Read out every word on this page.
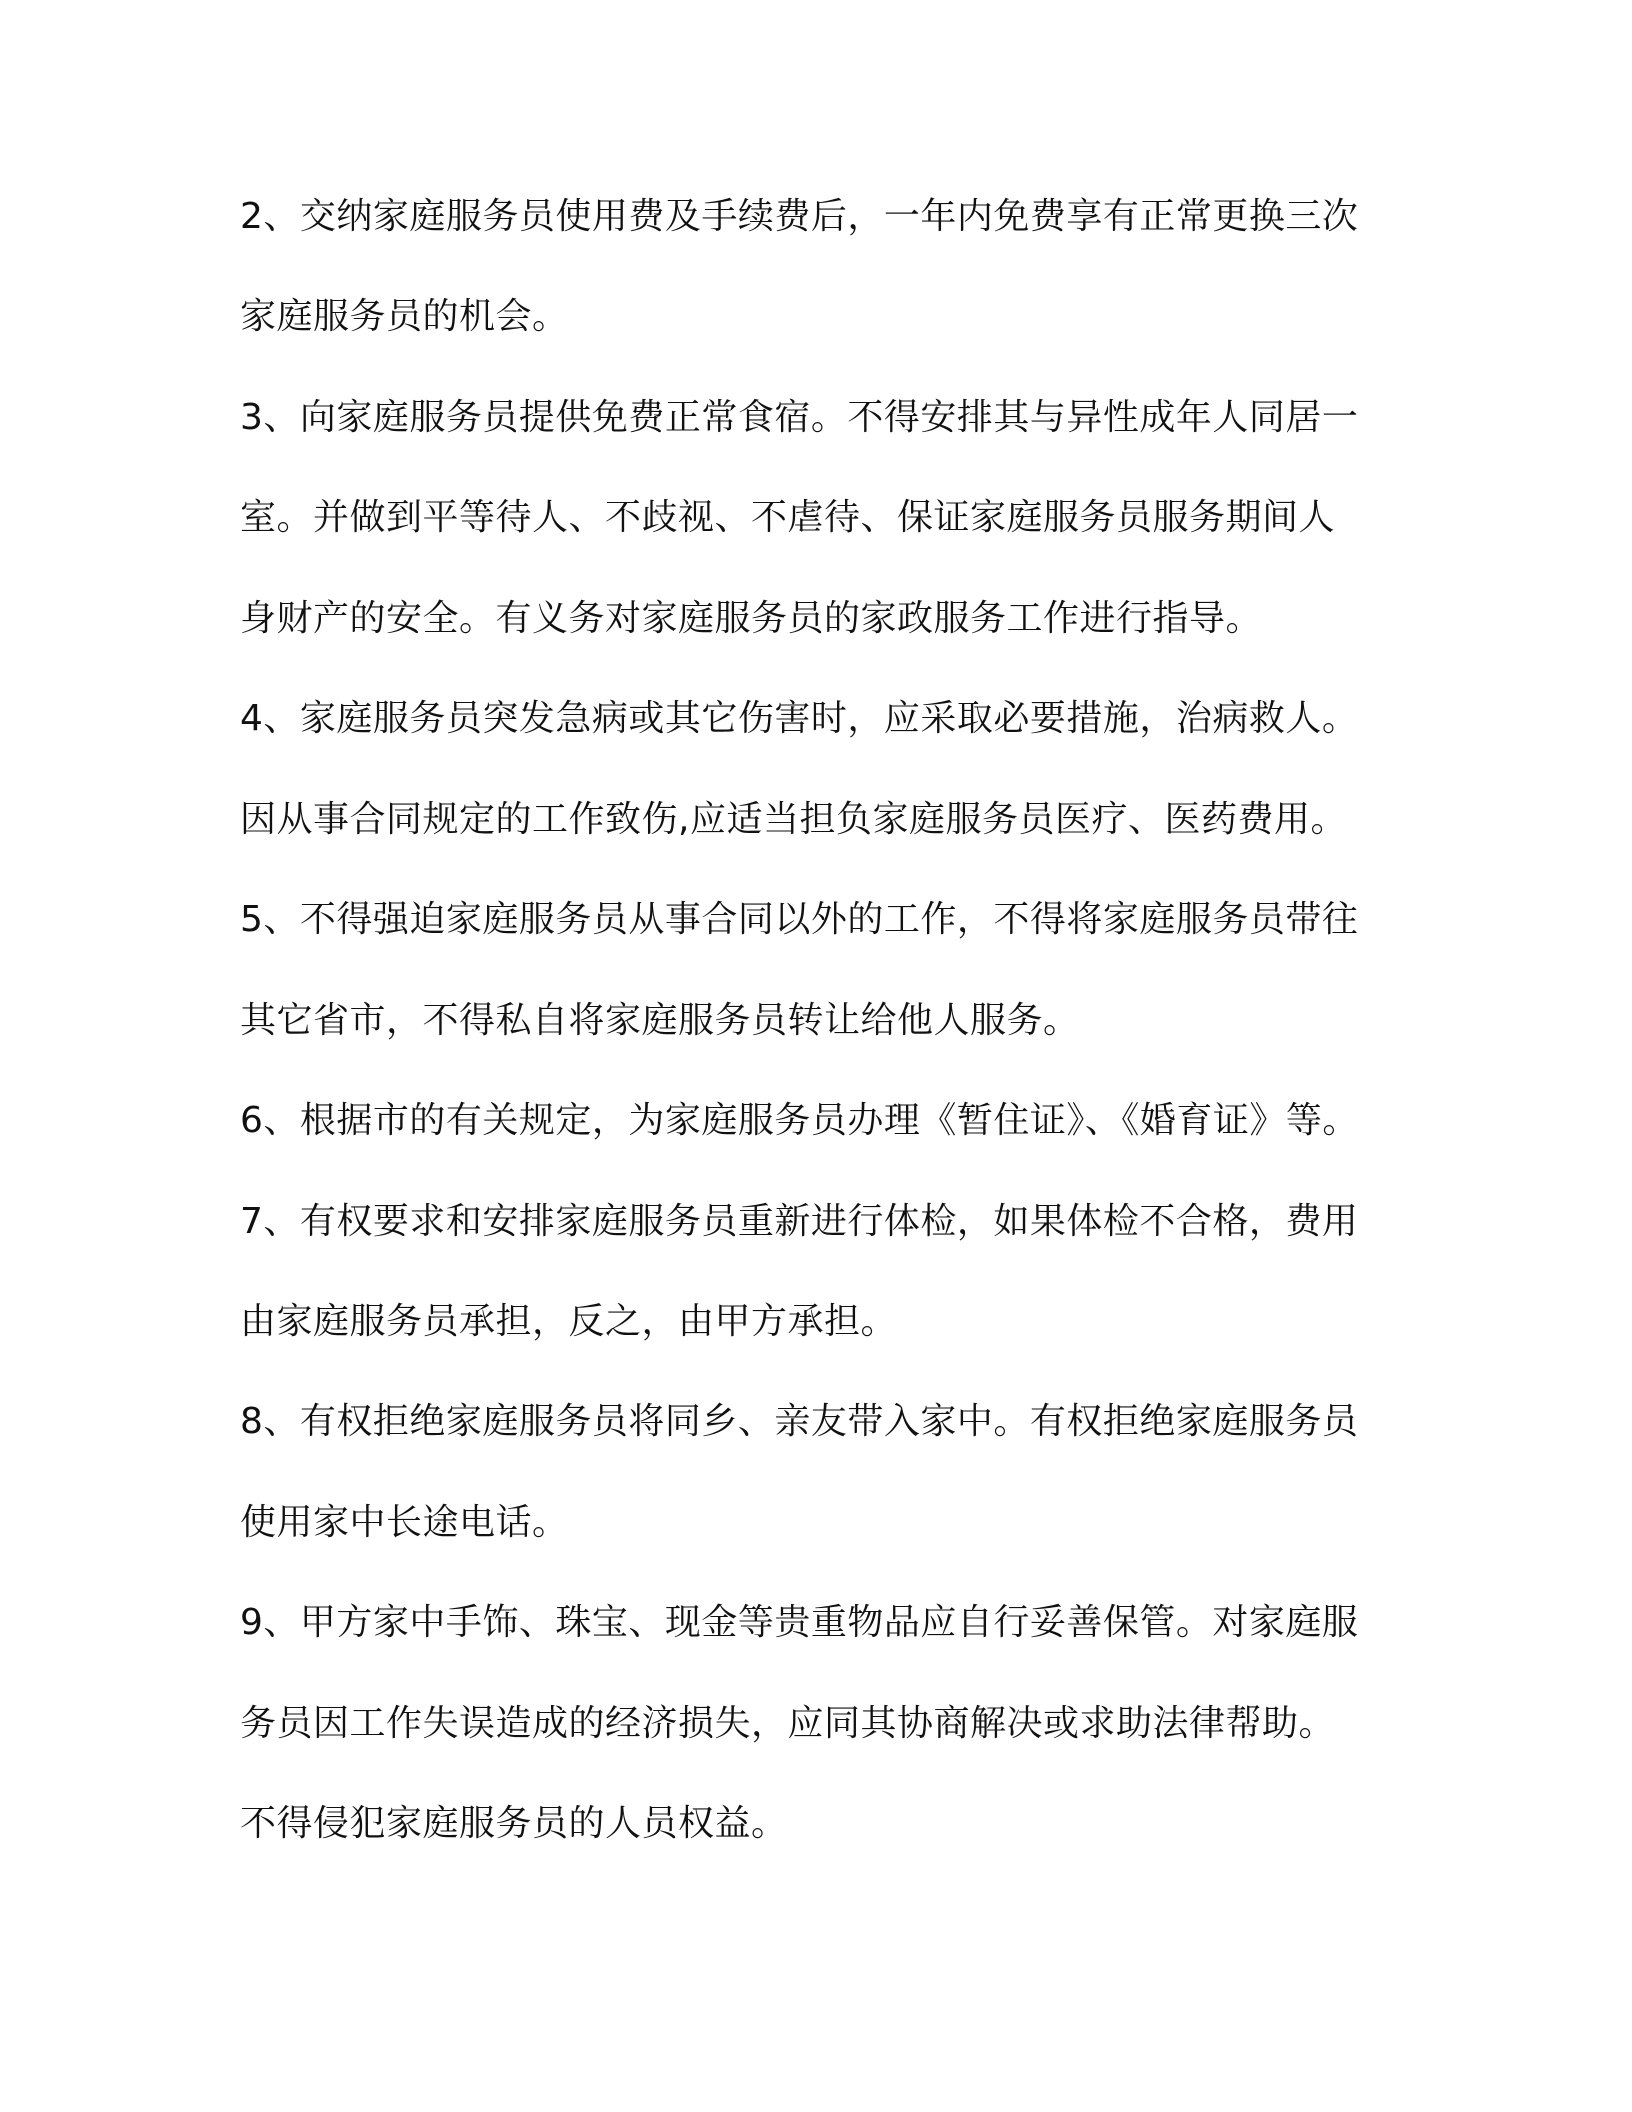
2、交纳家庭服务员使用费及手续费后，一年内免费享有正常更换三次
家庭服务员的机会。
3、向家庭服务员提供免费正常食宿。不得安排其与异性成年人同居一
室。并做到平等待人、不歧视、不虐待、保证家庭服务员服务期间人
身财产的安全。有义务对家庭服务员的家政服务工作进行指导。
4、家庭服务员突发急病或其它伤害时，应采取必要措施，治病救人。
因从事合同规定的工作致伤,应适当担负家庭服务员医疗、医药费用。
5、不得强迫家庭服务员从事合同以外的工作，不得将家庭服务员带往
其它省市，不得私自将家庭服务员转让给他人服务。
6、根据市的有关规定，为家庭服务员办理《暂住证》、《婚育证》等。
7、有权要求和安排家庭服务员重新进行体检，如果体检不合格，费用
由家庭服务员承担，反之，由甲方承担。
8、有权拒绝家庭服务员将同乡、亲友带入家中。有权拒绝家庭服务员
使用家中长途电话。
9、甲方家中手饰、珠宝、现金等贵重物品应自行妥善保管。对家庭服
务员因工作失误造成的经济损失，应同其协商解决或求助法律帮助。
不得侵犯家庭服务员的人员权益。
